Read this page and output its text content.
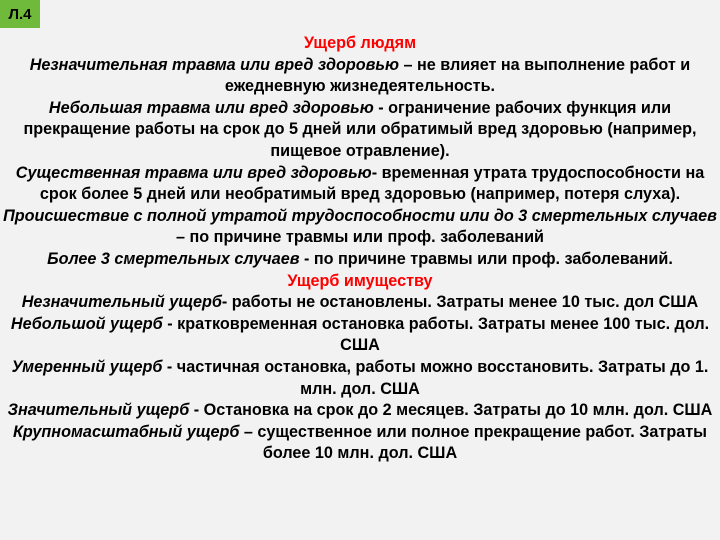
Л.4
Ущерб людям
Незначительная травма или вред здоровью – не влияет на выполнение работ и ежедневную жизнедеятельность.
Небольшая травма или вред здоровью - ограничение рабочих функция или прекращение работы на срок до 5 дней или обратимый вред здоровью (например, пищевое отравление).
Существенная травма или вред здоровью- временная утрата трудоспособности на срок более 5 дней или необратимый вред здоровью (например, потеря слуха).
Происшествие с полной утратой трудоспособности или до 3 смертельных случаев – по причине травмы или проф. заболеваний
Более 3 смертельных случаев - по причине травмы или проф. заболеваний.
Ущерб имуществу
Незначительный ущерб- работы не остановлены. Затраты менее 10 тыс. дол США
Небольшой ущерб - кратковременная остановка работы. Затраты менее 100 тыс. дол. США
Умеренный ущерб - частичная остановка, работы можно восстановить. Затраты до 1. млн. дол. США
Значительный ущерб - Остановка на срок до 2 месяцев. Затраты до 10 млн. дол. США
Крупномасштабный ущерб – существенное или полное прекращение работ. Затраты более 10 млн. дол. США
